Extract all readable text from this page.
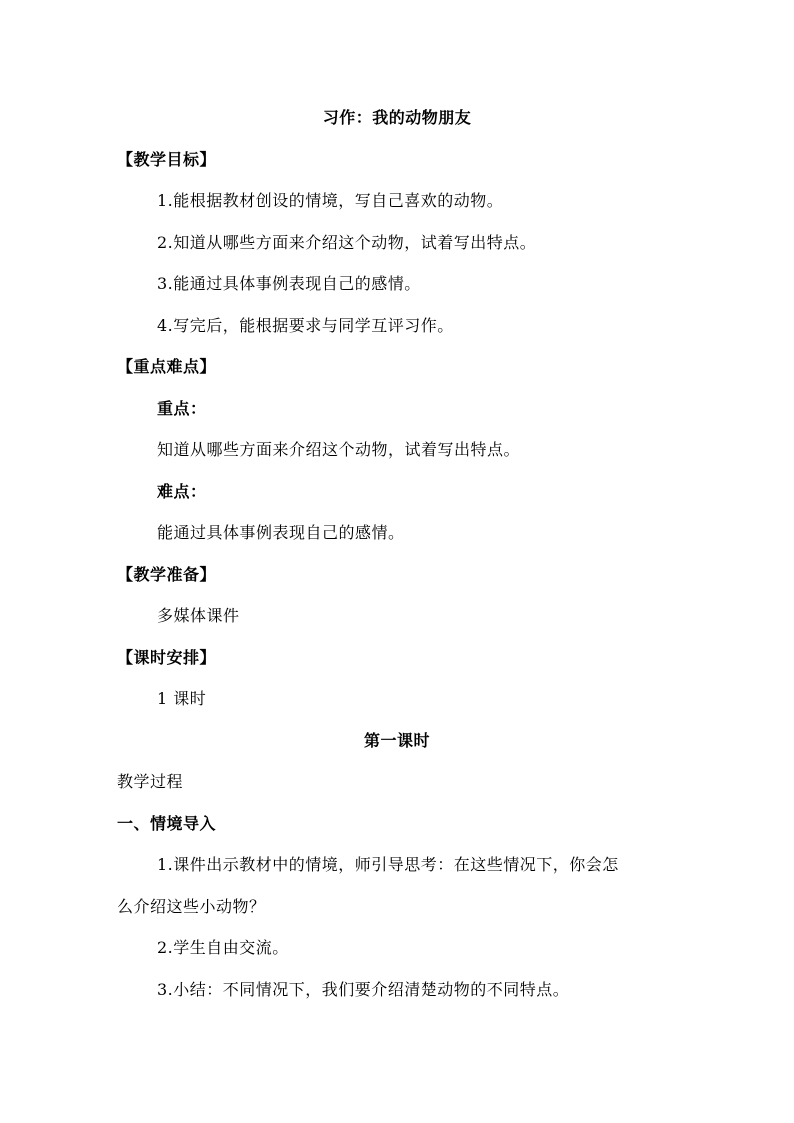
习作：我的动物朋友
【教学目标】
1.能根据教材创设的情境，写自己喜欢的动物。
2.知道从哪些方面来介绍这个动物，试着写出特点。
3.能通过具体事例表现自己的感情。
4.写完后，能根据要求与同学互评习作。
【重点难点】
重点：
知道从哪些方面来介绍这个动物，试着写出特点。
难点：
能通过具体事例表现自己的感情。
【教学准备】
多媒体课件
【课时安排】
1 课时
第一课时
教学过程
一、情境导入
1.课件出示教材中的情境，师引导思考：在这些情况下，你会怎
么介绍这些小动物？
2.学生自由交流。
3.小结：不同情况下，我们要介绍清楚动物的不同特点。
